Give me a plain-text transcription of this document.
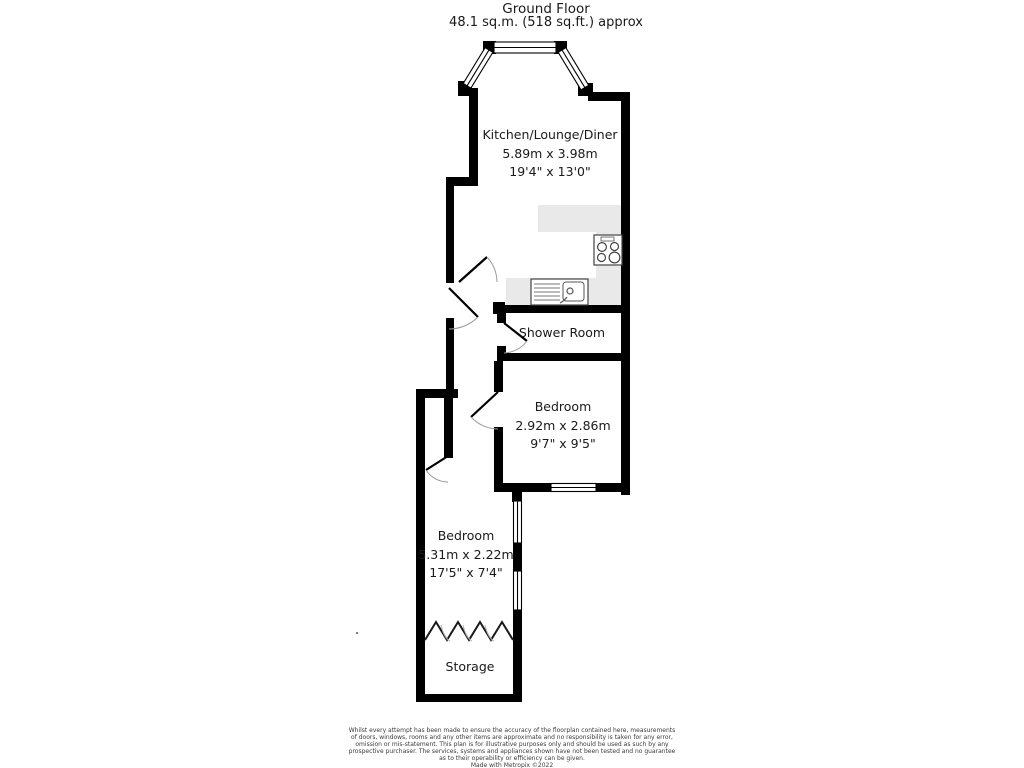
Ground Floor
48.1 sq.m. (518 sq.ft.) approx
Kitchen/Lounge/Diner
5.89m x 3.98m
19'4" x 13'0"
Shower Room
Bedroom
2.92m x 2.86m
9'7" x 9'5"
Bedroom
5.31m x 2.22m
17'5" x 7'4"
Storage
Whilst every attempt has been made to ensure the accuracy of the floorplan contained here, measurements
of doors, windows, rooms and any other items are approximate and no responsibility is taken for any error,
omission or mis-statement. This plan is for illustrative purposes only and should be used as such by any
prospective purchaser. The services, systems and appliances shown have not been tested and no guarantee
as to their operability or efficiency can be given.
Made with Metropix ©2022
